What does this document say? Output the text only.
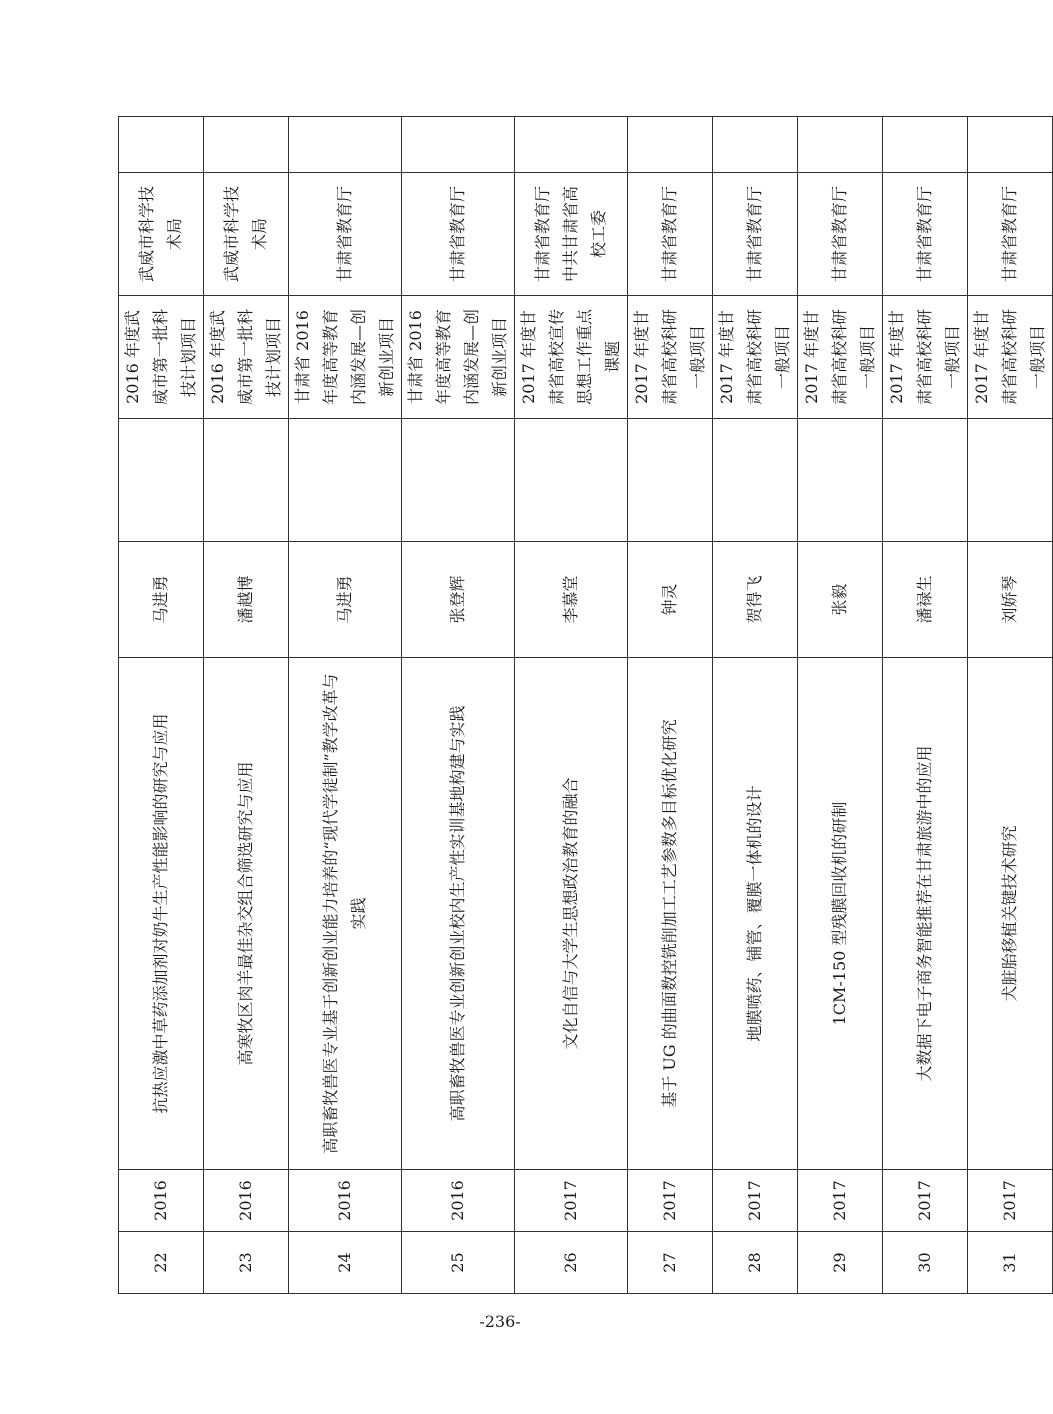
22	2016	抗热应激中草药添加剂对奶牛生产性能影响的研究与应用	马进勇		2016 年度武威市第一批科技计划项目	武威市科学技术局	
23	2016	高寒牧区肉羊最佳杂交组合筛选研究与应用	潘越博		2016 年度武威市第一批科技计划项目	武威市科学技术局	
24	2016	高职畜牧兽医专业基于创新创业能力培养的“现代学徒制”教学改革与实践	马进勇		甘肃省 2016 年度高等教育内涵发展—创新创业项目	甘肃省教育厅	
25	2016	高职畜牧兽医专业创新创业校内生产性实训基地构建与实践	张登辉		甘肃省 2016 年度高等教育内涵发展—创新创业项目	甘肃省教育厅	
26	2017	文化自信与大学生思想政治教育的融合	李慕堂		2017 年度甘肃省高校宣传思想工作重点课题	甘肃省教育厅 中共甘肃省高校工委	
27	2017	基于 UG 的曲面数控铣削加工工艺参数多目标优化研究	钟灵		2017 年度甘肃省高校科研一般项目	甘肃省教育厅	
28	2017	地膜喷药、铺管、覆膜一体机的设计	贺得飞		2017 年度甘肃省高校科研一般项目	甘肃省教育厅	
29	2017	1CM-150 型残膜回收机的研制	张毅		2017 年度甘肃省高校科研一般项目	甘肃省教育厅	
30	2017	大数据下电子商务智能推荐在甘肃旅游中的应用	潘禄生		2017 年度甘肃省高校科研一般项目	甘肃省教育厅	
31	2017	犬脏胎移植关键技术研究	刘娇琴		2017 年度甘肃省高校科研一般项目	甘肃省教育厅	
-236-
